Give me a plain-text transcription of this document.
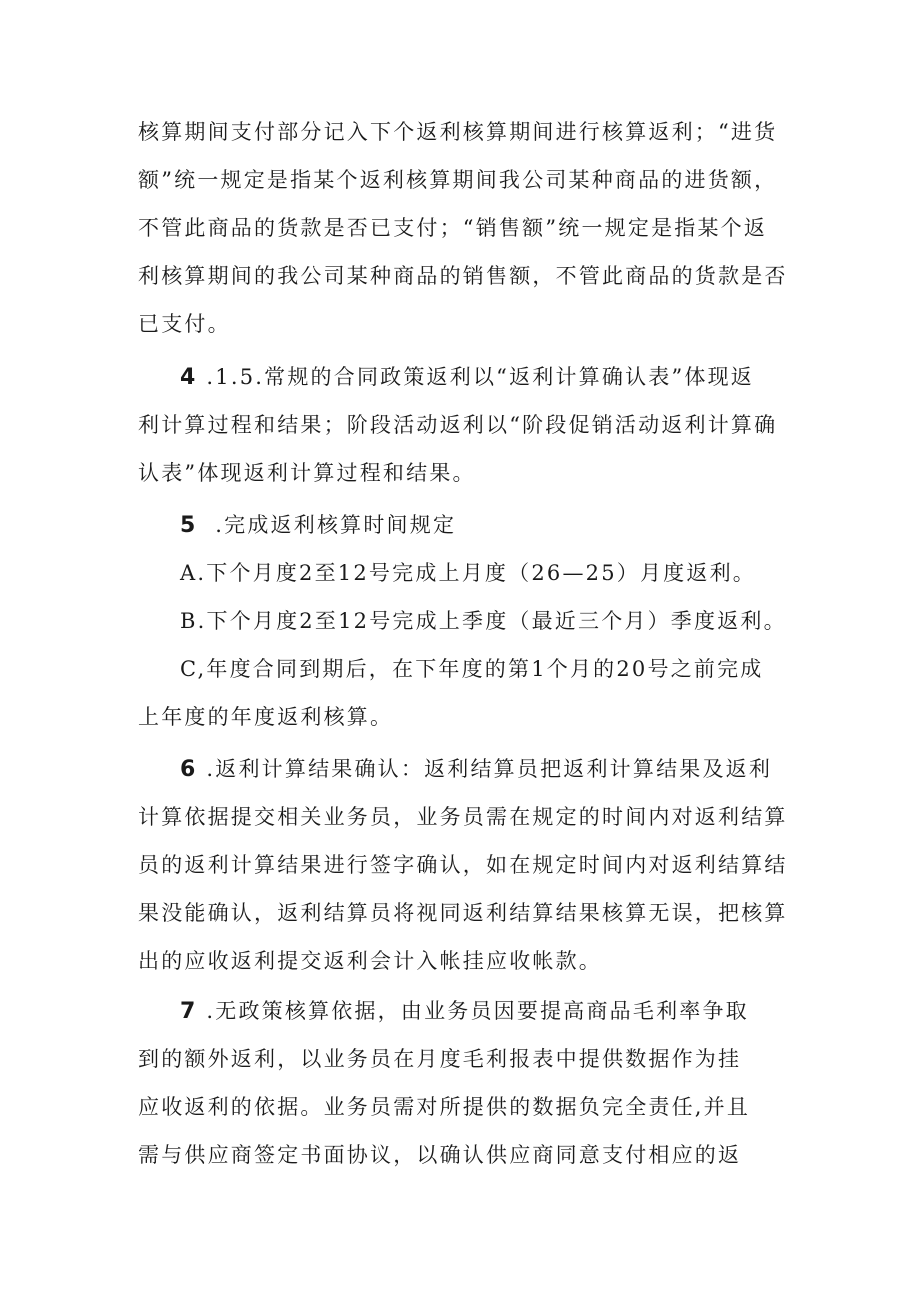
核算期间支付部分记入下个返利核算期间进行核算返利；“进货
额”统一规定是指某个返利核算期间我公司某种商品的进货额，
不管此商品的货款是否已支付；“销售额”统一规定是指某个返
利核算期间的我公司某种商品的销售额，不管此商品的货款是否
已支付。
4 .1.5.常规的合同政策返利以“返利计算确认表”体现返
利计算过程和结果；阶段活动返利以“阶段促销活动返利计算确
认表”体现返利计算过程和结果。
5  .完成返利核算时间规定
A.下个月度2至12号完成上月度（26—25）月度返利。
B.下个月度2至12号完成上季度（最近三个月）季度返利。
C,年度合同到期后，在下年度的第1个月的20号之前完成
上年度的年度返利核算。
6 .返利计算结果确认：返利结算员把返利计算结果及返利
计算依据提交相关业务员，业务员需在规定的时间内对返利结算
员的返利计算结果进行签字确认，如在规定时间内对返利结算结
果没能确认，返利结算员将视同返利结算结果核算无误，把核算
出的应收返利提交返利会计入帐挂应收帐款。
7 .无政策核算依据，由业务员因要提高商品毛利率争取
到的额外返利，以业务员在月度毛利报表中提供数据作为挂
应收返利的依据。业务员需对所提供的数据负完全责任,并且
需与供应商签定书面协议，以确认供应商同意支付相应的返
